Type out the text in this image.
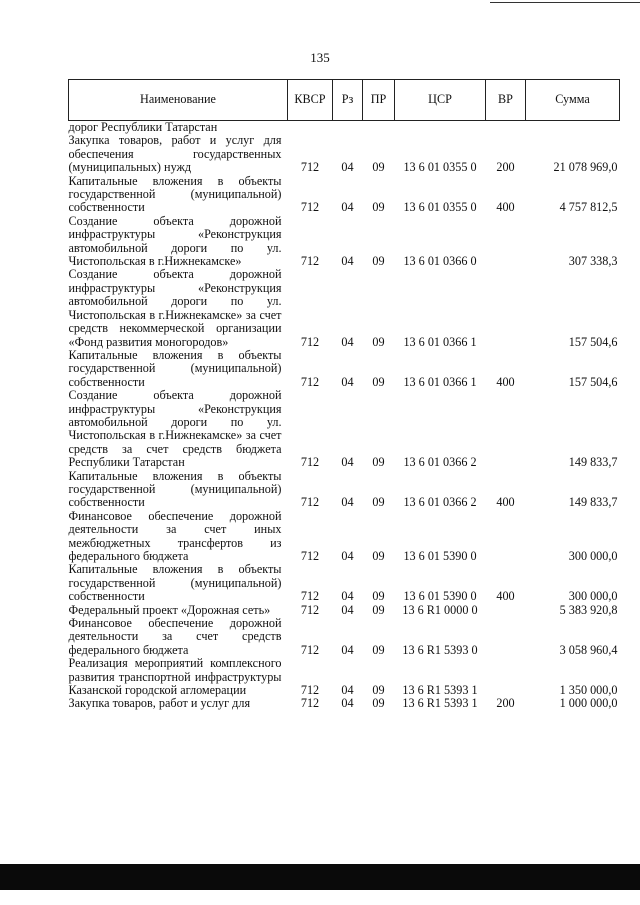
135
Наименование	КВСР	Рз	ПР	ЦСР	ВР	Сумма
дорог Республики Татарстан						
Закупка товаров, работ и услуг для обеспечения государственных (муниципальных) нужд	712	04	09	13 6 01 0355 0	200	21 078 969,0
Капитальные вложения в объекты государственной (муниципальной) собственности	712	04	09	13 6 01 0355 0	400	4 757 812,5
Создание объекта дорожной инфраструктуры «Реконструкция автомобильной дороги по ул. Чистопольская в г.Нижнекамске»	712	04	09	13 6 01 0366 0		307 338,3
Создание объекта дорожной инфраструктуры «Реконструкция автомобильной дороги по ул. Чистопольская в г.Нижнекамске» за счет средств некоммерческой организации «Фонд развития моногородов»	712	04	09	13 6 01 0366 1		157 504,6
Капитальные вложения в объекты государственной (муниципальной) собственности	712	04	09	13 6 01 0366 1	400	157 504,6
Создание объекта дорожной инфраструктуры «Реконструкция автомобильной дороги по ул. Чистопольская в г.Нижнекамске» за счет средств за счет средств бюджета Республики Татарстан	712	04	09	13 6 01 0366 2		149 833,7
Капитальные вложения в объекты государственной (муниципальной) собственности	712	04	09	13 6 01 0366 2	400	149 833,7
Финансовое обеспечение дорожной деятельности за счет иных межбюджетных трансфертов из федерального бюджета	712	04	09	13 6 01 5390 0		300 000,0
Капитальные вложения в объекты государственной (муниципальной) собственности	712	04	09	13 6 01 5390 0	400	300 000,0
Федеральный проект «Дорожная сеть»	712	04	09	13 6 R1 0000 0		5 383 920,8
Финансовое обеспечение дорожной деятельности за счет средств федерального бюджета	712	04	09	13 6 R1 5393 0		3 058 960,4
Реализация мероприятий комплексного развития транспортной инфраструктуры Казанской городской агломерации	712	04	09	13 6 R1 5393 1		1 350 000,0
Закупка товаров, работ и услуг для	712	04	09	13 6 R1 5393 1	200	1 000 000,0
